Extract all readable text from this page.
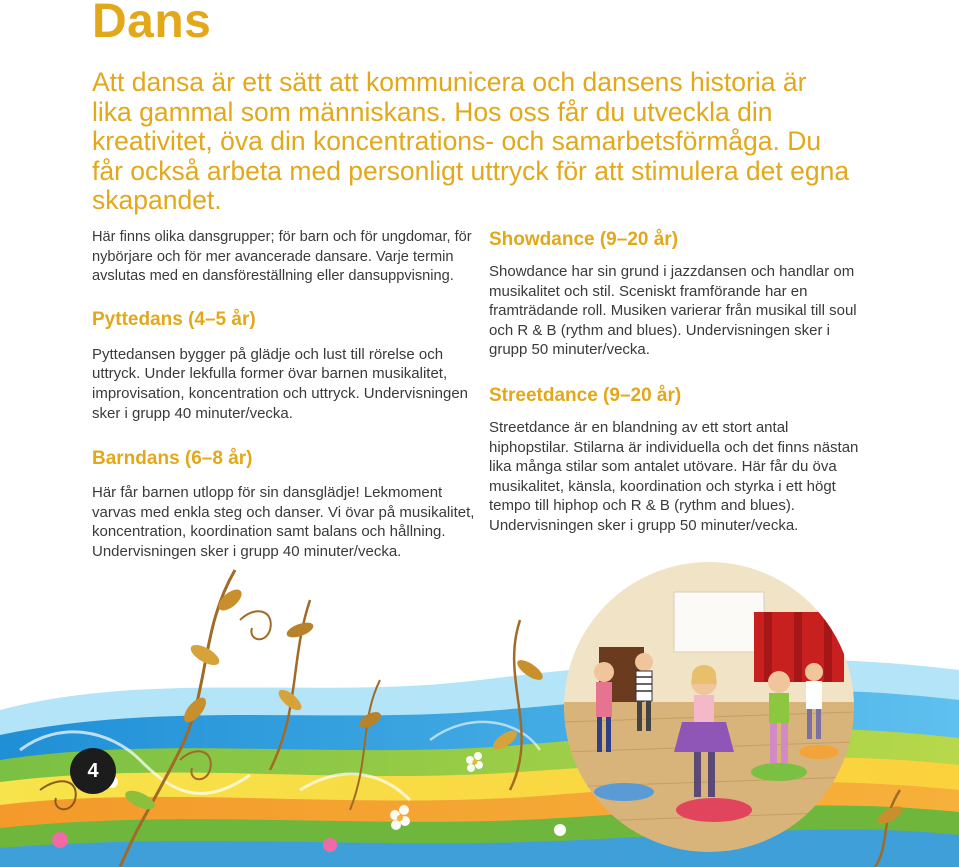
Dans

Att dansa är ett sätt att kommunicera och dansens historia är lika gammal som människans. Hos oss får du utveckla din kreativitet, öva din koncentrations- och samarbetsförmåga. Du får också arbeta med personligt uttryck för att stimulera det egna skapandet.

Här finns olika dansgrupper; för barn och för ungdomar, för nybörjare och för mer avancerade dansare. Varje termin avslutas med en dansföreställning eller dansuppvisning.

Pyttedans (4–5 år)

Pyttedansen bygger på glädje och lust till rörelse och uttryck. Under lekfulla former övar barnen musikalitet, improvisation, koncentration och uttryck. Undervisningen sker i grupp 40 minuter/vecka.

Barndans (6–8 år)

Här får barnen utlopp för sin dansglädje! Lekmoment varvas med enkla steg och danser. Vi övar på musikalitet, koncentration, koordination samt balans och hållning. Undervisningen sker i grupp 40 minuter/vecka.

Showdance (9–20 år)

Showdance har sin grund i jazzdansen och handlar om musikalitet och stil. Sceniskt framförande har en framträdande roll. Musiken varierar från musikal till soul och R & B (rythm and blues). Undervisningen sker i grupp 50 minuter/vecka.

Streetdance (9–20 år)

Streetdance är en blandning av ett stort antal hiphopstilar. Stilarna är individuella och det finns nästan lika många stilar som antalet utövare. Här får du öva musikalitet, känsla, koordination och styrka i ett högt tempo till hiphop och R & B (rythm and blues). Undervisningen sker i grupp 50 minuter/vecka.

4
